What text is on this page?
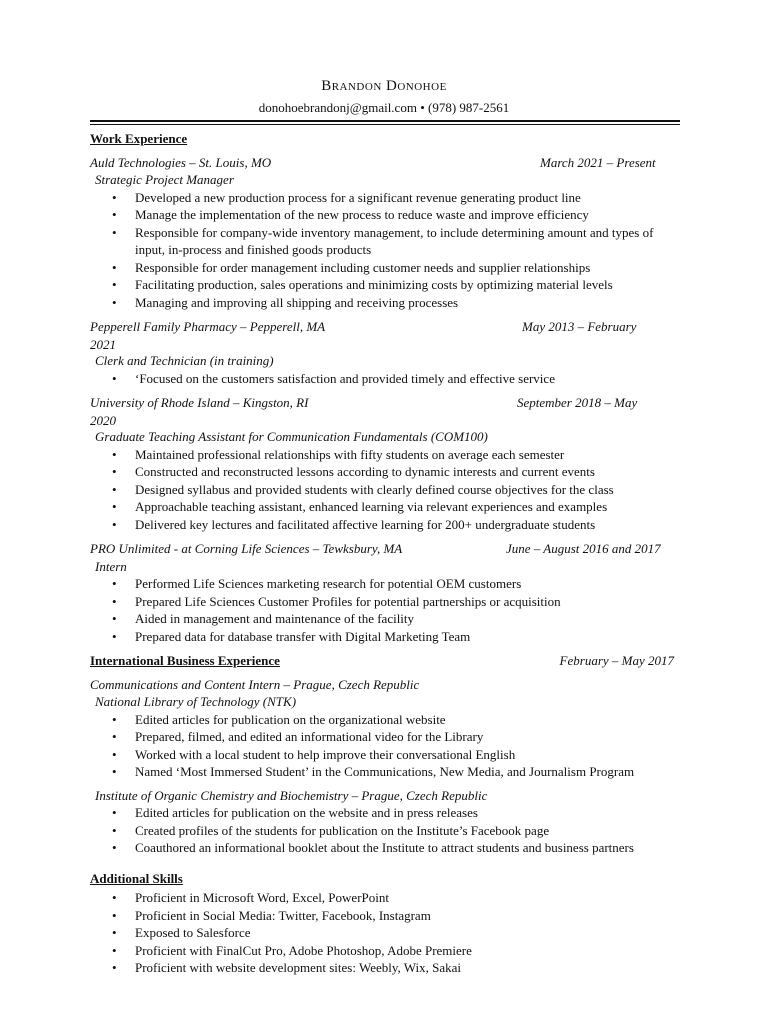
Brandon Donohoe
donohoebrandonj@gmail.com • (978) 987-2561
Work Experience
Auld Technologies – St. Louis, MO	March 2021 – Present
Strategic Project Manager
• Developed a new production process for a significant revenue generating product line
• Manage the implementation of the new process to reduce waste and improve efficiency
• Responsible for company-wide inventory management, to include determining amount and types of input, in-process and finished goods products
• Responsible for order management including customer needs and supplier relationships
• Facilitating production, sales operations and minimizing costs by optimizing material levels
• Managing and improving all shipping and receiving processes
Pepperell Family Pharmacy – Pepperell, MA	May 2013 – February 2021
Clerk and Technician (in training)
• ‘Focused on the customers satisfaction and provided timely and effective service
University of Rhode Island – Kingston, RI	September 2018 – May 2020
Graduate Teaching Assistant for Communication Fundamentals (COM100)
• Maintained professional relationships with fifty students on average each semester
• Constructed and reconstructed lessons according to dynamic interests and current events
• Designed syllabus and provided students with clearly defined course objectives for the class
• Approachable teaching assistant, enhanced learning via relevant experiences and examples
• Delivered key lectures and facilitated affective learning for 200+ undergraduate students
PRO Unlimited - at Corning Life Sciences – Tewksbury, MA	June – August 2016 and 2017
Intern
• Performed Life Sciences marketing research for potential OEM customers
• Prepared Life Sciences Customer Profiles for potential partnerships or acquisition
• Aided in management and maintenance of the facility
• Prepared data for database transfer with Digital Marketing Team
International Business Experience	February – May 2017
Communications and Content Intern – Prague, Czech Republic
National Library of Technology (NTK)
• Edited articles for publication on the organizational website
• Prepared, filmed, and edited an informational video for the Library
• Worked with a local student to help improve their conversational English
• Named ‘Most Immersed Student’ in the Communications, New Media, and Journalism Program
Institute of Organic Chemistry and Biochemistry – Prague, Czech Republic
• Edited articles for publication on the website and in press releases
• Created profiles of the students for publication on the Institute’s Facebook page
• Coauthored an informational booklet about the Institute to attract students and business partners
Additional Skills
• Proficient in Microsoft Word, Excel, PowerPoint
• Proficient in Social Media: Twitter, Facebook, Instagram
• Exposed to Salesforce
• Proficient with FinalCut Pro, Adobe Photoshop, Adobe Premiere
• Proficient with website development sites: Weebly, Wix, Sakai
